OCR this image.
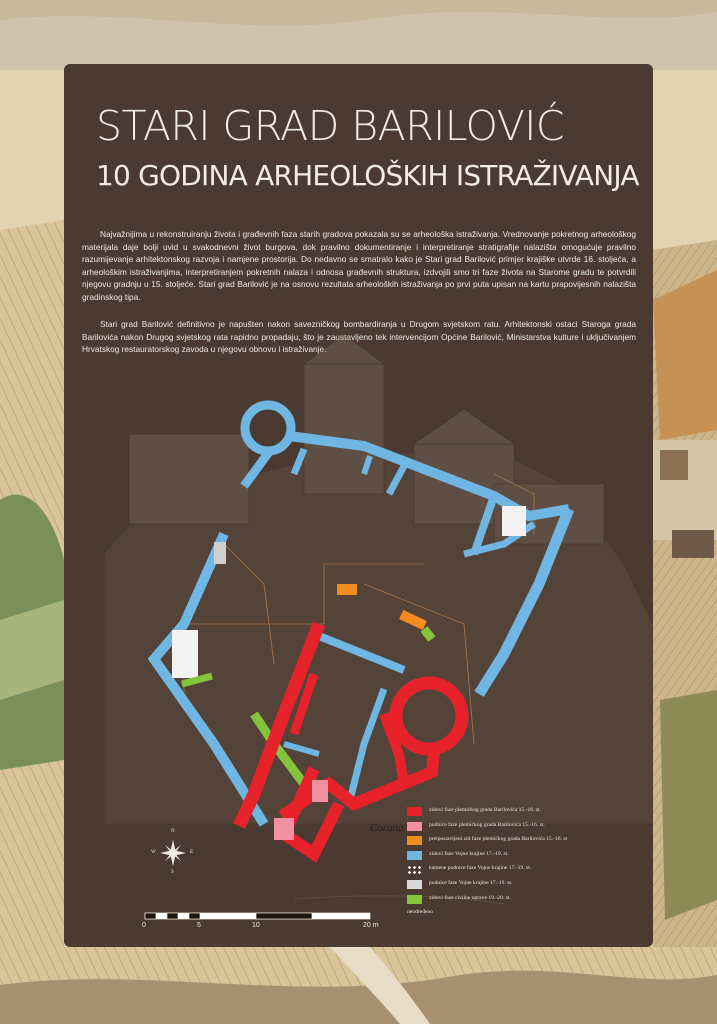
STARI GRAD BARILOVIĆ
10 GODINA ARHEOLOŠKIH ISTRAŽIVANJA

Najvažnijima u rekonstruiranju života i građevnih faza starih gradova pokazala su se arheološka istraživanja. Vrednovanje pokretnog arheološkog materijala daje bolji uvid u svakodnevni život burgova, dok pravilno dokumentiranje i interpretiranje stratigrafije nalazišta omogućuje pravilno razumijevanje arhitektonskog razvoja i namjene prostorija. Do nedavno se smatralo kako je Stari grad Barilović primjer krajiške utvrde 16. stoljeća, a arheološkim istraživanjima, interpretiranjem pokretnih nalaza i odnosa građevnih struktura, izdvojili smo tri faze života na Starome gradu te potvrdili njegovu gradnju u 15. stoljeće. Stari grad Barilović je na osnovu rezultata arheoloških istraživanja po prvi puta upisan na kartu prapovijesnih nalazišta gradinskog tipa.

Stari grad Barilović definitivno je napušten nakon savezničkog bombardiranja u Drugom svjetskom ratu. Arhitektonski ostaci Staroga grada Barilovića nakon Drugog svjetskog rata rapidno propadaju, što je zaustavljeno tek intervencijom Općine Barilović, Ministarstva kulture i uključivanjem Hrvatskog restauratorskog zavoda u njegovu obnovu i istraživanje.

N
S
W	E
0	5	10	20 m
zidovi faze plemićkog grada Barilovića 15.-16. st.
podnice faze plemićkog grada Barilovića 15.-16. st.
pretpostavljeni zid faze plemićkog grada Barilovića 15.-16. st
zidovi faze Vojne krajine 17.-19. st.
kamene podnice faze Vojne krajine 17.-19. st.
podnice faze Vojne krajine 17.-19. st.
zidovi faze civilne uprave 19.-20. st.
neodređeno
Corana
